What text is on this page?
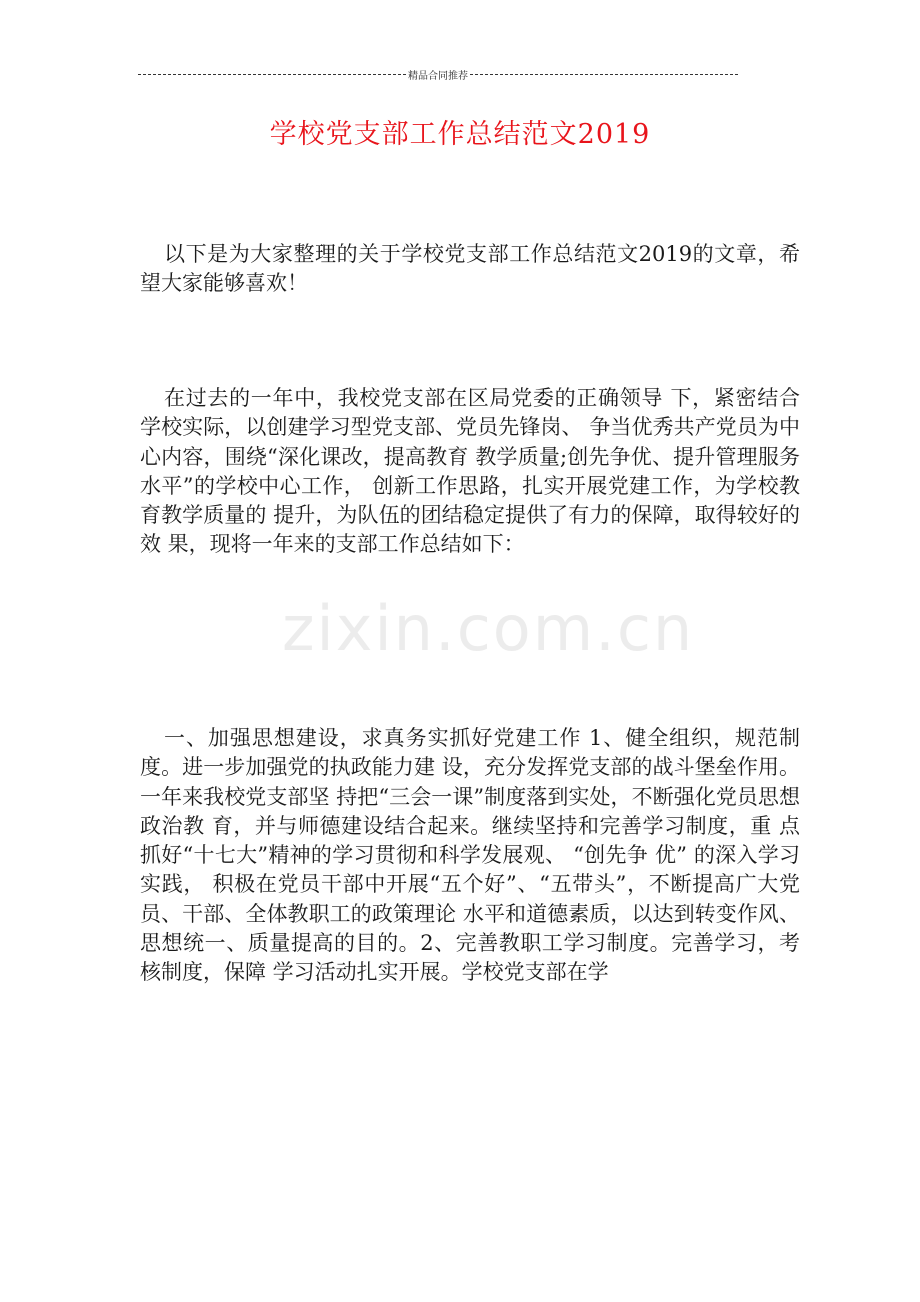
精品合同推荐
学校党支部工作总结范文2019
zixin.com.cn

以下是为大家整理的关于学校党支部工作总结范文2019的文章，希望大家能够喜欢！

在过去的一年中，我校党支部在区局党委的正确领导 下，紧密结合学校实际，以创建学习型党支部、党员先锋岗、 争当优秀共产党员为中心内容，围绕“深化课改，提高教育 教学质量;创先争优、提升管理服务水平”的学校中心工作， 创新工作思路，扎实开展党建工作，为学校教育教学质量的 提升，为队伍的团结稳定提供了有力的保障，取得较好的效 果，现将一年来的支部工作总结如下：

一、加强思想建设，求真务实抓好党建工作 1、健全组织，规范制度。进一步加强党的执政能力建 设，充分发挥党支部的战斗堡垒作用。一年来我校党支部坚 持把“三会一课”制度落到实处，不断强化党员思想政治教 育，并与师德建设结合起来。继续坚持和完善学习制度，重 点抓好“十七大”精神的学习贯彻和科学发展观、 “创先争 优” 的深入学习实践， 积极在党员干部中开展“五个好”、“五带头”，不断提高广大党员、干部、全体教职工的政策理论 水平和道德素质，以达到转变作风、思想统一、质量提高的目的。2、完善教职工学习制度。完善学习，考核制度，保障 学习活动扎实开展。学校党支部在学
